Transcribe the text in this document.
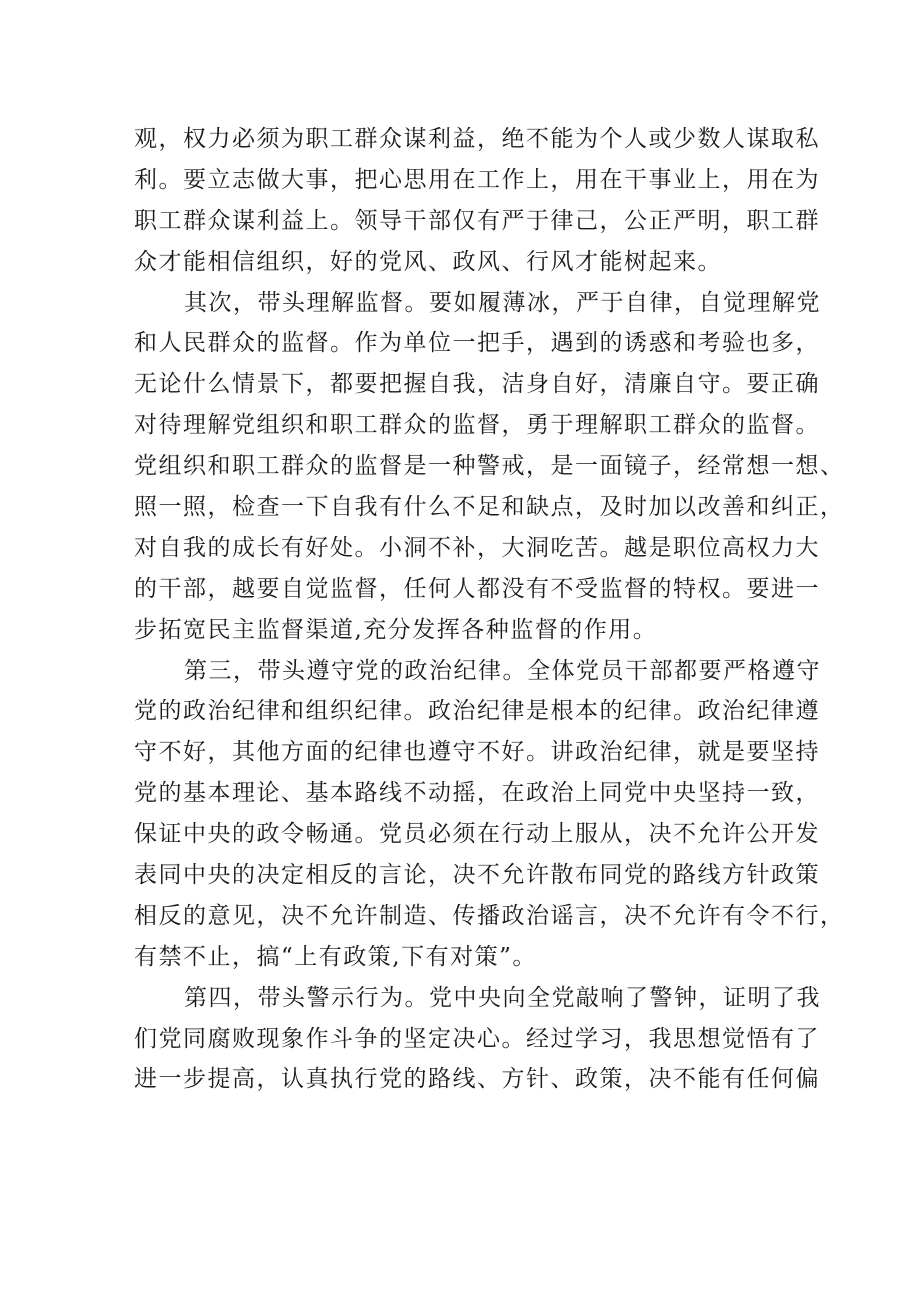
观，权力必须为职工群众谋利益，绝不能为个人或少数人谋取私
利。要立志做大事，把心思用在工作上，用在干事业上，用在为
职工群众谋利益上。领导干部仅有严于律己，公正严明，职工群
众才能相信组织，好的党风、政风、行风才能树起来。
其次，带头理解监督。要如履薄冰，严于自律，自觉理解党
和人民群众的监督。作为单位一把手，遇到的诱惑和考验也多，
无论什么情景下，都要把握自我，洁身自好，清廉自守。要正确
对待理解党组织和职工群众的监督，勇于理解职工群众的监督。
党组织和职工群众的监督是一种警戒，是一面镜子，经常想一想、
照一照，检查一下自我有什么不足和缺点，及时加以改善和纠正，
对自我的成长有好处。小洞不补，大洞吃苦。越是职位高权力大
的干部，越要自觉监督，任何人都没有不受监督的特权。要进一
步拓宽民主监督渠道,充分发挥各种监督的作用。
第三，带头遵守党的政治纪律。全体党员干部都要严格遵守
党的政治纪律和组织纪律。政治纪律是根本的纪律。政治纪律遵
守不好，其他方面的纪律也遵守不好。讲政治纪律，就是要坚持
党的基本理论、基本路线不动摇，在政治上同党中央坚持一致，
保证中央的政令畅通。党员必须在行动上服从，决不允许公开发
表同中央的决定相反的言论，决不允许散布同党的路线方针政策
相反的意见，决不允许制造、传播政治谣言，决不允许有令不行，
有禁不止，搞“上有政策,下有对策”。
第四，带头警示行为。党中央向全党敲响了警钟，证明了我
们党同腐败现象作斗争的坚定决心。经过学习，我思想觉悟有了
进一步提高，认真执行党的路线、方针、政策，决不能有任何偏
